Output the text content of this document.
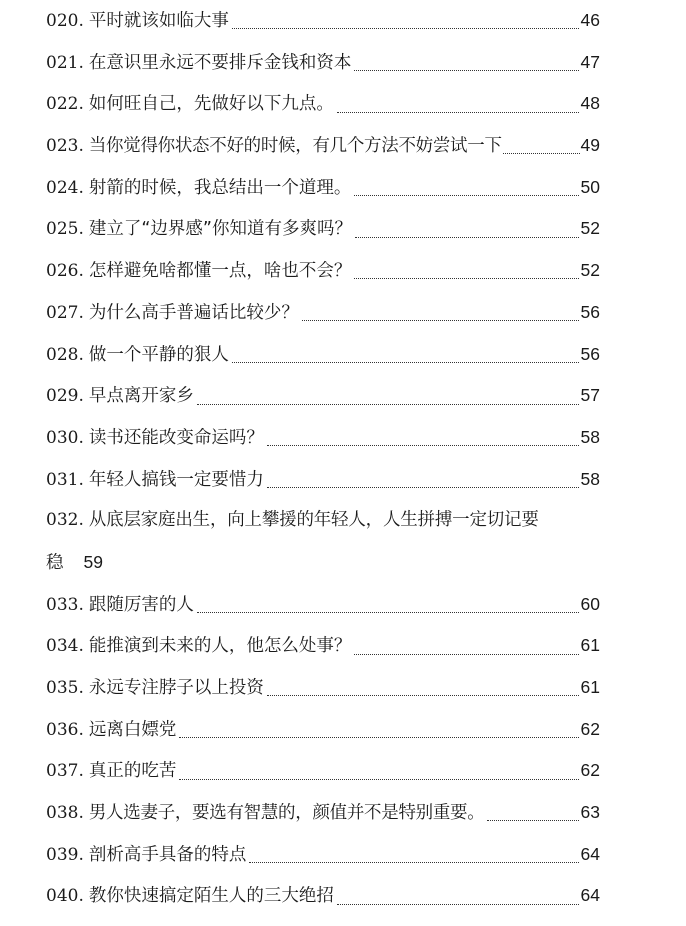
020. 平时就该如临大事	46
021. 在意识里永远不要排斥金钱和资本	47
022. 如何旺自己，先做好以下九点。	48
023. 当你觉得你状态不好的时候，有几个方法不妨尝试一下	49
024. 射箭的时候，我总结出一个道理。	50
025. 建立了“边界感”你知道有多爽吗？	52
026. 怎样避免啥都懂一点，啥也不会？	52
027. 为什么高手普遍话比较少？	56
028. 做一个平静的狠人	56
029. 早点离开家乡	57
030. 读书还能改变命运吗？	58
031. 年轻人搞钱一定要惜力	58
032. 从底层家庭出生，向上攀援的年轻人，人生拼搏一定切记要
稳 59
033. 跟随厉害的人	60
034. 能推演到未来的人，他怎么处事？	61
035. 永远专注脖子以上投资	61
036. 远离白嫖党	62
037. 真正的吃苦	62
038. 男人选妻子，要选有智慧的，颜值并不是特别重要。	63
039. 剖析高手具备的特点	64
040. 教你快速搞定陌生人的三大绝招	64
